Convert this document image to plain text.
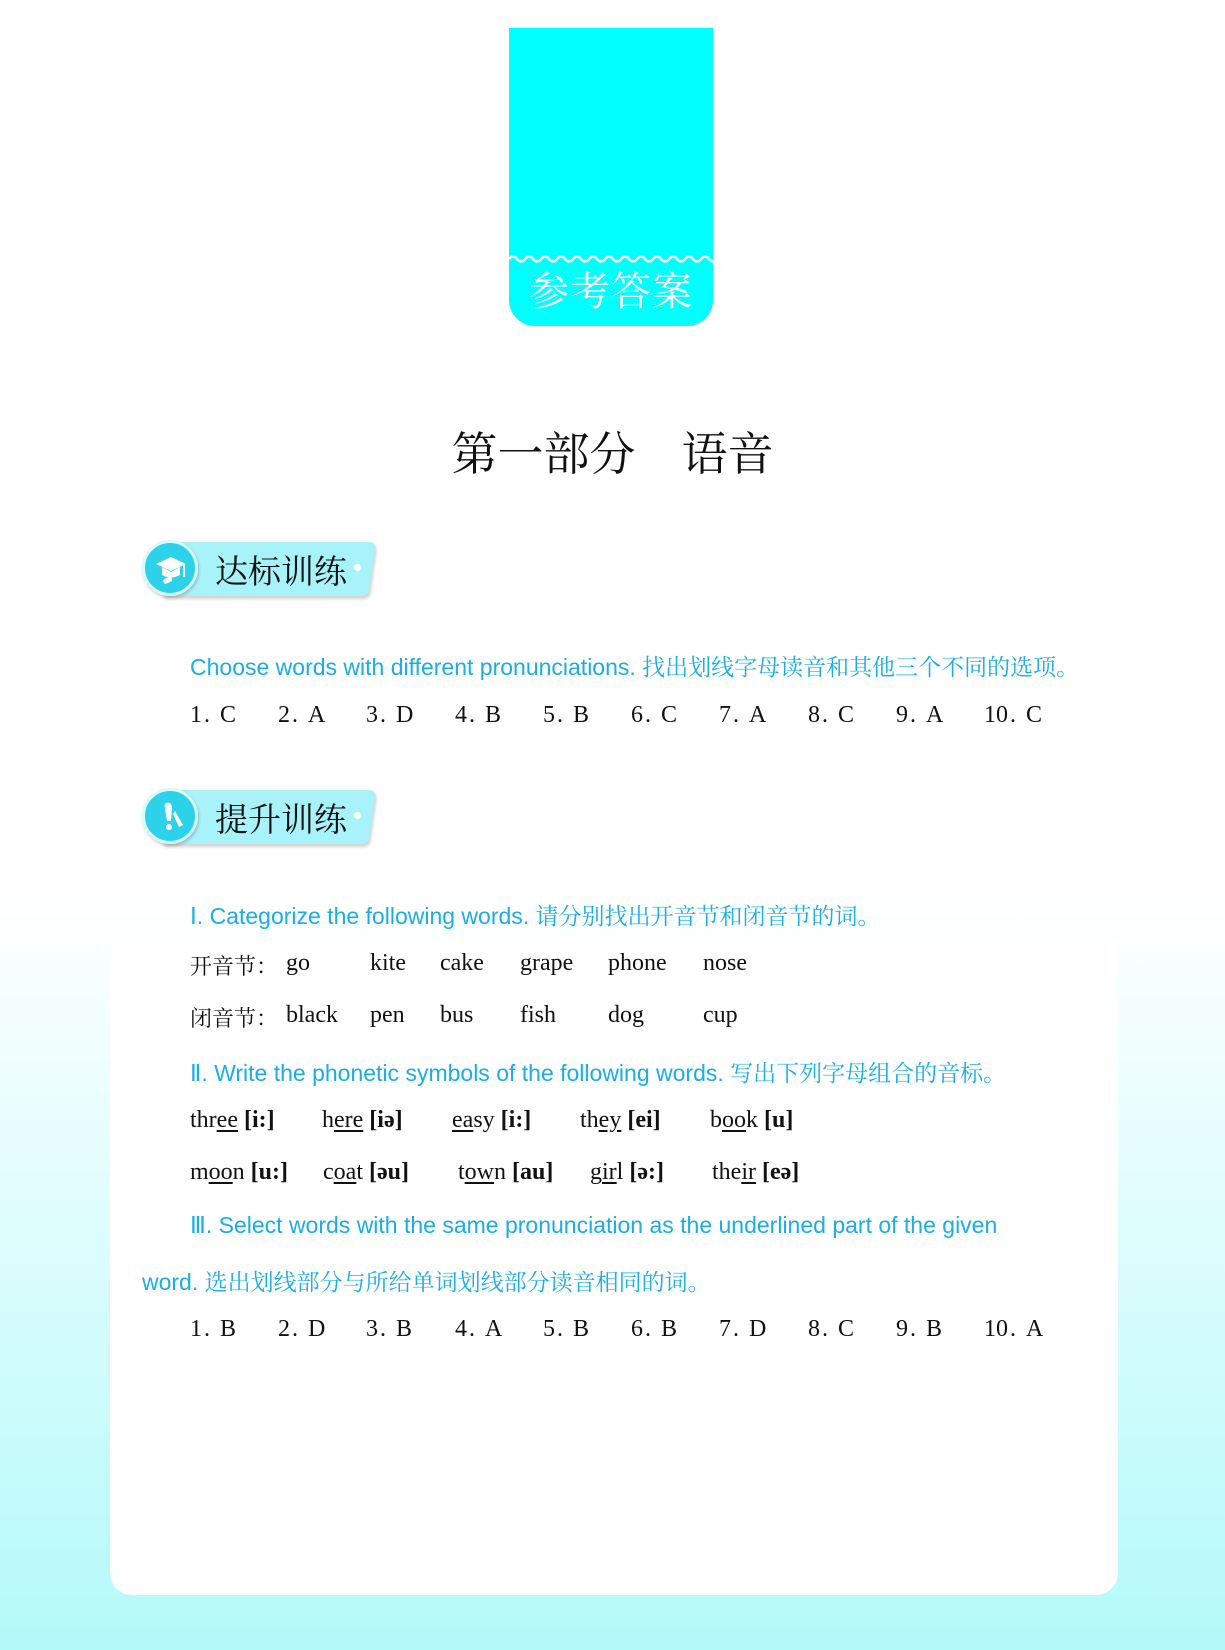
参考答案
第一部分　语音
达标训练
Choose words with different pronunciations. 找出划线字母读音和其他三个不同的选项。
1. C 2. A 3. D 4. B 5. B 6. C 7. A 8. C 9. A 10. C
提升训练
Ⅰ. Categorize the following words. 请分别找出开音节和闭音节的词。
开音节： go	kite cake grape phone nose
闭音节： black pen bus fish dog cup
Ⅱ. Write the phonetic symbols of the following words. 写出下列字母组合的音标。
three [i:] here [iə] easy [i:] they [ei] book [u]
moon [u:] coat [əu] town [au] girl [ə:] their [eə]
Ⅲ. Select words with the same pronunciation as the underlined part of the given
word. 选出划线部分与所给单词划线部分读音相同的词。
1. B 2. D 3. B 4. A 5. B 6. B 7. D 8. C 9. B 10. A
